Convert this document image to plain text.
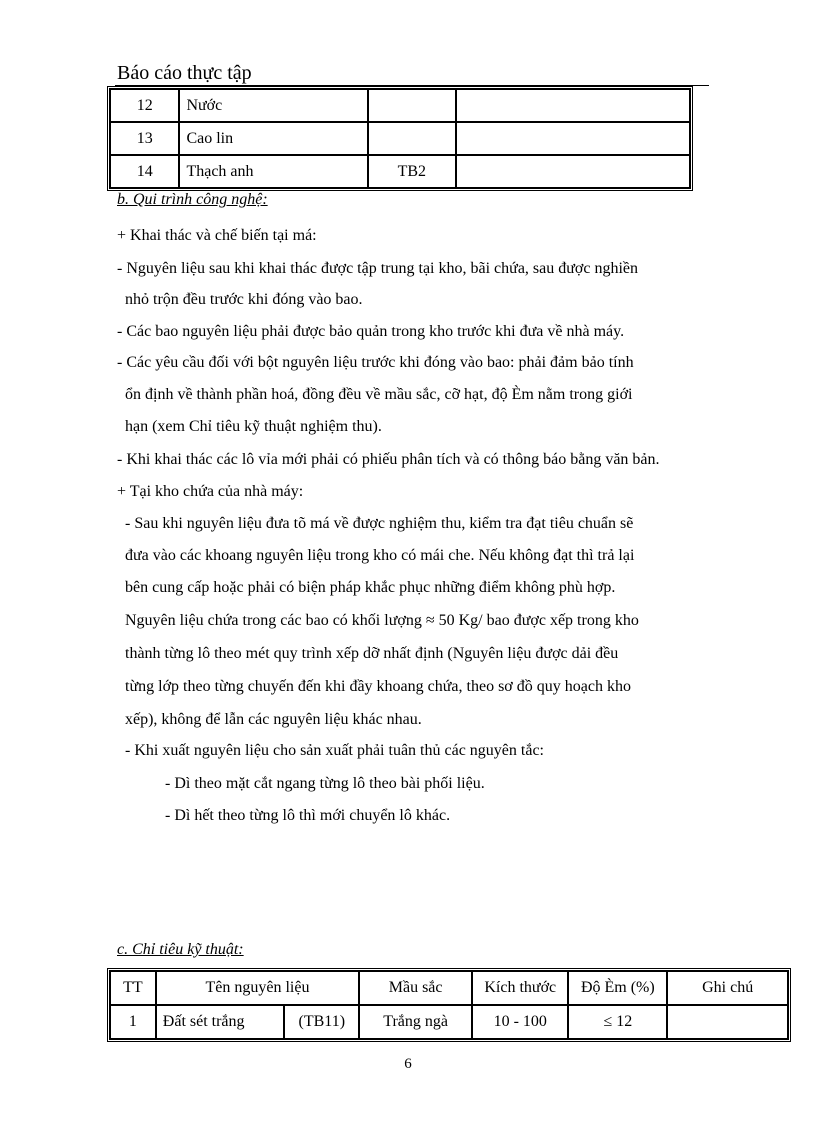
Báo cáo thực tập
12	Nước		
13	Cao lin		
14	Thạch anh	TB2	
b. Qui trình công nghệ:
+ Khai thác và chế biến tại má:
- Nguyên liệu sau khi khai thác được tập trung tại kho, bãi chứa, sau được nghiền
nhỏ trộn đều trước khi đóng vào bao.
- Các bao nguyên liệu phải được bảo quản trong kho trước khi đưa về nhà máy.
- Các yêu cầu đối với bột nguyên liệu trước khi đóng vào bao: phải đảm bảo tính
ổn định về thành phần hoá, đồng đều về mầu sắc, cỡ hạt, độ Èm nằm trong giới
hạn (xem Chỉ tiêu kỹ thuật nghiệm thu).
- Khi khai thác các lô vỉa mới phải có phiếu phân tích và có thông báo bằng văn bản.
+ Tại kho chứa của nhà máy:
- Sau khi nguyên liệu đưa tõ má về được nghiệm thu, kiểm tra đạt tiêu chuẩn sẽ
đưa vào các khoang nguyên liệu trong kho có mái che. Nếu không đạt thì trả lại
bên cung cấp hoặc phải có biện pháp khắc phục những điểm không phù hợp.
Nguyên liệu chứa trong các bao có khối lượng ≈ 50 Kg/ bao được xếp trong kho
thành từng lô theo mét quy trình xếp dỡ nhất định (Nguyên liệu được dải đều
từng lớp theo từng chuyến đến khi đầy khoang chứa, theo sơ đồ quy hoạch kho
xếp), không để lẫn các nguyên liệu khác nhau.
- Khi xuất nguyên liệu cho sản xuất phải tuân thủ các nguyên tắc:
- Dì theo mặt cắt ngang từng lô theo bài phối liệu.
- Dì hết theo từng lô thì mới chuyển lô khác.
c. Chỉ tiêu kỹ thuật:
TT	Tên nguyên liệu		Mầu sắc	Kích thước	Độ Èm (%)	Ghi chú
1	Đất sét trắng	(TB11)	Trắng ngà	10 - 100	≤ 12	
6
